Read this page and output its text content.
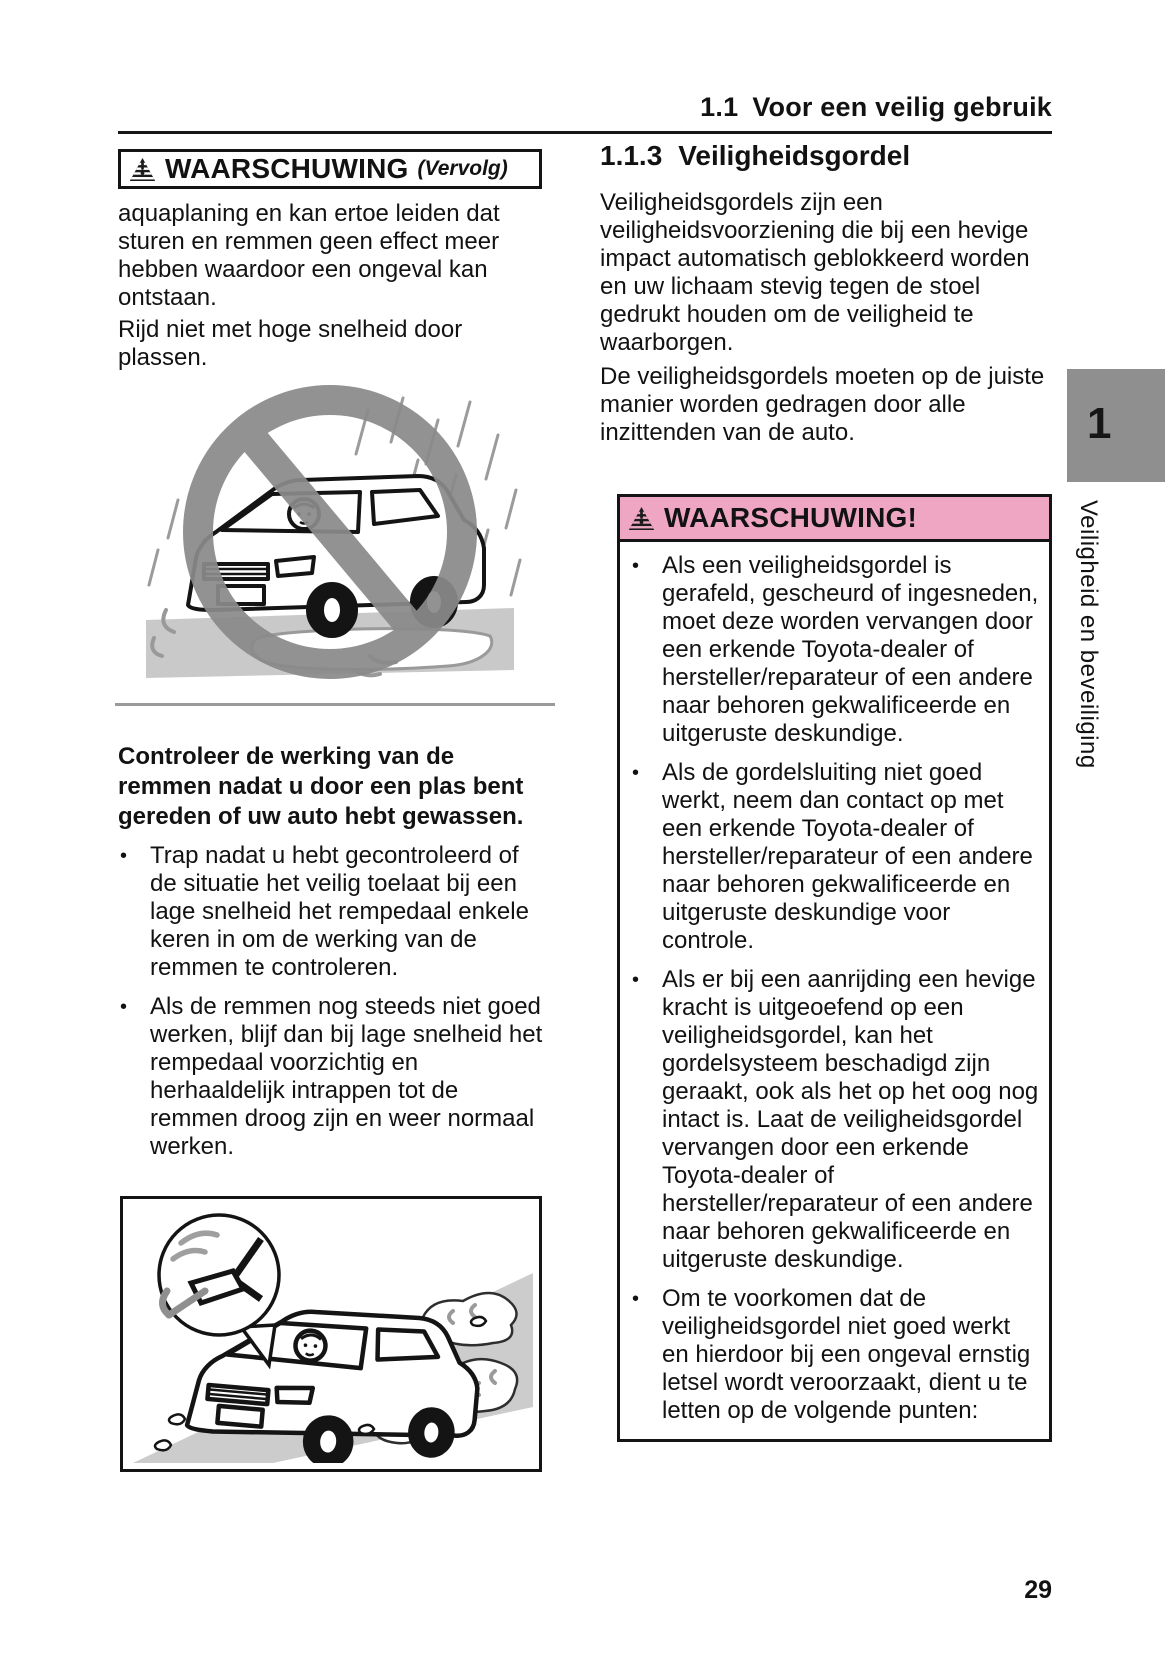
1.1 Voor een veilig gebruik
WAARSCHUWING (Vervolg)
aquaplaning en kan ertoe leiden dat sturen en remmen geen effect meer hebben waardoor een ongeval kan ontstaan.
Rijd niet met hoge snelheid door plassen.
Controleer de werking van de remmen nadat u door een plas bent gereden of uw auto hebt gewassen.
• Trap nadat u hebt gecontroleerd of de situatie het veilig toelaat bij een lage snelheid het rempedaal enkele keren in om de werking van de remmen te controleren.
• Als de remmen nog steeds niet goed werken, blijf dan bij lage snelheid het rempedaal voorzichtig en herhaaldelijk intrappen tot de remmen droog zijn en weer normaal werken.
1.1.3 Veiligheidsgordel
Veiligheidsgordels zijn een veiligheidsvoorziening die bij een hevige impact automatisch geblokkeerd worden en uw lichaam stevig tegen de stoel gedrukt houden om de veiligheid te waarborgen.
De veiligheidsgordels moeten op de juiste manier worden gedragen door alle inzittenden van de auto.
WAARSCHUWING!
• Als een veiligheidsgordel is gerafeld, gescheurd of ingesneden, moet deze worden vervangen door een erkende Toyota-dealer of hersteller/reparateur of een andere naar behoren gekwalificeerde en uitgeruste deskundige.
• Als de gordelsluiting niet goed werkt, neem dan contact op met een erkende Toyota-dealer of hersteller/reparateur of een andere naar behoren gekwalificeerde en uitgeruste deskundige voor controle.
• Als er bij een aanrijding een hevige kracht is uitgeoefend op een veiligheidsgordel, kan het gordelsysteem beschadigd zijn geraakt, ook als het op het oog nog intact is. Laat de veiligheidsgordel vervangen door een erkende Toyota-dealer of hersteller/reparateur of een andere naar behoren gekwalificeerde en uitgeruste deskundige.
• Om te voorkomen dat de veiligheidsgordel niet goed werkt en hierdoor bij een ongeval ernstig letsel wordt veroorzaakt, dient u te letten op de volgende punten:
1
Veiligheid en beveiliging
29
